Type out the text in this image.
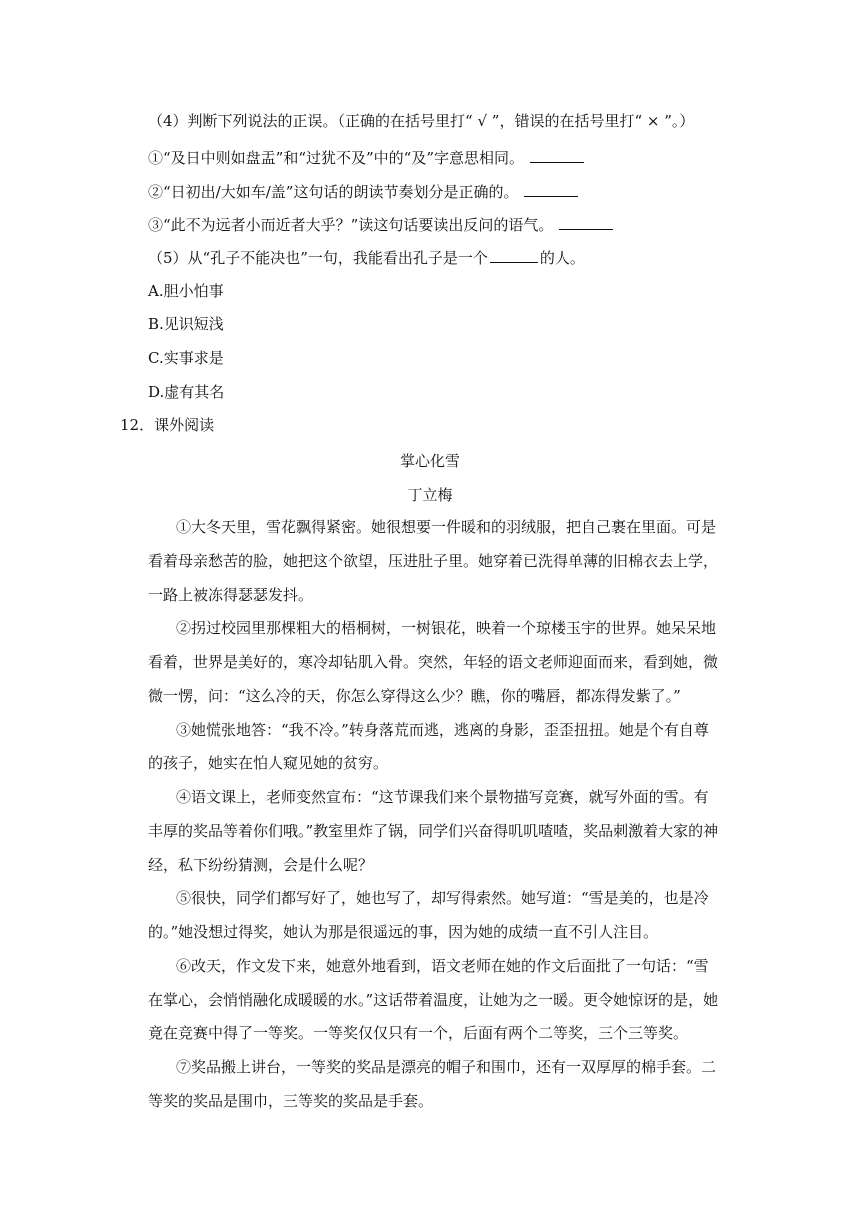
（4）判断下列说法的正误。（正确的在括号里打“ √ ”，错误的在括号里打“ × ”。）
①“及日中则如盘盂”和“过犹不及”中的“及”字意思相同。
②“日初出/大如车/盖”这句话的朗读节奏划分是正确的。
③“此不为远者小而近者大乎？”读这句话要读出反问的语气。
（5）从“孔子不能决也”一句，我能看出孔子是一个	的人。
A.胆小怕事
B.见识短浅
C.实事求是
D.虚有其名
12．课外阅读
掌心化雪
丁立梅
①大冬天里，雪花飘得紧密。她很想要一件暖和的羽绒服，把自己裹在里面。可是
看着母亲愁苦的脸，她把这个欲望，压进肚子里。她穿着已洗得单薄的旧棉衣去上学，
一路上被冻得瑟瑟发抖。
②拐过校园里那棵粗大的梧桐树，一树银花，映着一个琼楼玉宇的世界。她呆呆地
看着，世界是美好的，寒冷却钻肌入骨。突然，年轻的语文老师迎面而来，看到她，微
微一愣，问：“这么冷的天，你怎么穿得这么少？瞧，你的嘴唇，都冻得发紫了。”
③她慌张地答：“我不冷。”转身落荒而逃，逃离的身影，歪歪扭扭。她是个有自尊
的孩子，她实在怕人窥见她的贫穷。
④语文课上，老师变然宣布：“这节课我们来个景物描写竞赛，就写外面的雪。有
丰厚的奖品等着你们哦。”教室里炸了锅，同学们兴奋得叽叽喳喳，奖品刺激着大家的神
经，私下纷纷猜测，会是什么呢？
⑤很快，同学们都写好了，她也写了，却写得索然。她写道：“雪是美的，也是冷
的。”她没想过得奖，她认为那是很遥远的事，因为她的成绩一直不引人注目。
⑥改天，作文发下来，她意外地看到，语文老师在她的作文后面批了一句话：“雪
在掌心，会悄悄融化成暖暖的水。”这话带着温度，让她为之一暖。更令她惊讶的是，她
竟在竞赛中得了一等奖。一等奖仅仅只有一个，后面有两个二等奖，三个三等奖。
⑦奖品搬上讲台，一等奖的奖品是漂亮的帽子和围巾，还有一双厚厚的棉手套。二
等奖的奖品是围巾，三等奖的奖品是手套。
